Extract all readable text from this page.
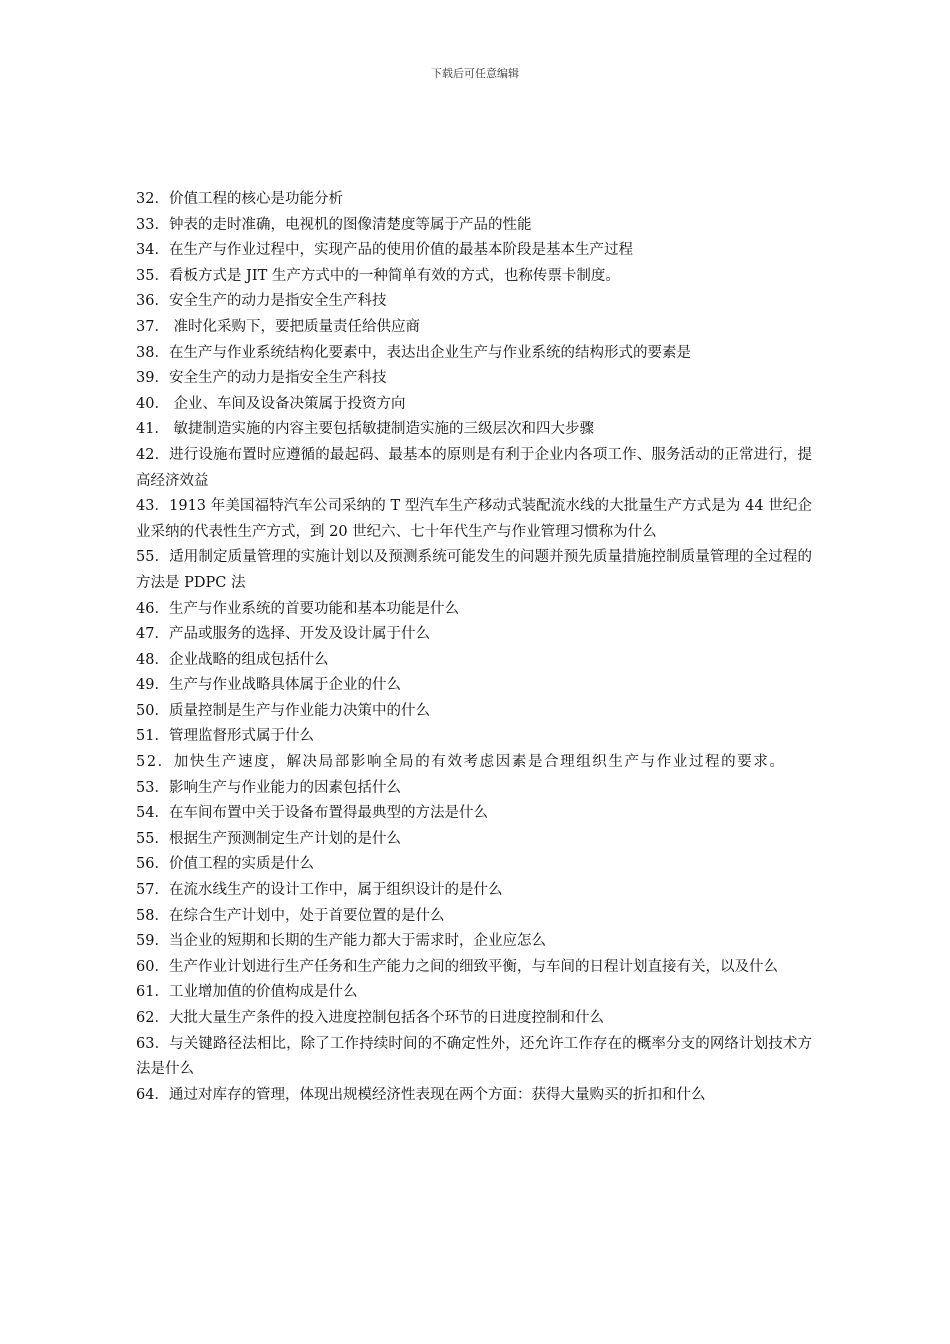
下载后可任意编辑

32．价值工程的核心是功能分析

33．钟表的走时准确，电视机的图像清楚度等属于产品的性能

34．在生产与作业过程中，实现产品的使用价值的最基本阶段是基本生产过程

35．看板方式是 JIT 生产方式中的一种简单有效的方式，也称传票卡制度。

36．安全生产的动力是指安全生产科技

37． 准时化采购下，要把质量责任给供应商

38．在生产与作业系统结构化要素中，表达出企业生产与作业系统的结构形式的要素是

39．安全生产的动力是指安全生产科技

40． 企业、车间及设备决策属于投资方向

41． 敏捷制造实施的内容主要包括敏捷制造实施的三级层次和四大步骤

42．进行设施布置时应遵循的最起码、最基本的原则是有利于企业内各项工作、服务活动的正常进行，提高经济效益

43．1913 年美国福特汽车公司采纳的 T 型汽车生产移动式装配流水线的大批量生产方式是为 44 世纪企业采纳的代表性生产方式，到 20 世纪六、七十年代生产与作业管理习惯称为什么

55．适用制定质量管理的实施计划以及预测系统可能发生的问题并预先质量措施控制质量管理的全过程的方法是 PDPC 法

46．生产与作业系统的首要功能和基本功能是什么

47．产品或服务的选择、开发及设计属于什么

48．企业战略的组成包括什么

49．生产与作业战略具体属于企业的什么

50．质量控制是生产与作业能力决策中的什么

51．管理监督形式属于什么

52．加快生产速度，解决局部影响全局的有效考虑因素是合理组织生产与作业过程的要求。

53．影响生产与作业能力的因素包括什么

54．在车间布置中关于设备布置得最典型的方法是什么

55．根据生产预测制定生产计划的是什么

56．价值工程的实质是什么

57．在流水线生产的设计工作中，属于组织设计的是什么

58．在综合生产计划中，处于首要位置的是什么

59．当企业的短期和长期的生产能力都大于需求时，企业应怎么

60．生产作业计划进行生产任务和生产能力之间的细致平衡，与车间的日程计划直接有关，以及什么

61．工业增加值的价值构成是什么

62．大批大量生产条件的投入进度控制包括各个环节的日进度控制和什么

63．与关键路径法相比，除了工作持续时间的不确定性外，还允许工作存在的概率分支的网络计划技术方法是什么

64．通过对库存的管理，体现出规模经济性表现在两个方面：获得大量购买的折扣和什么
